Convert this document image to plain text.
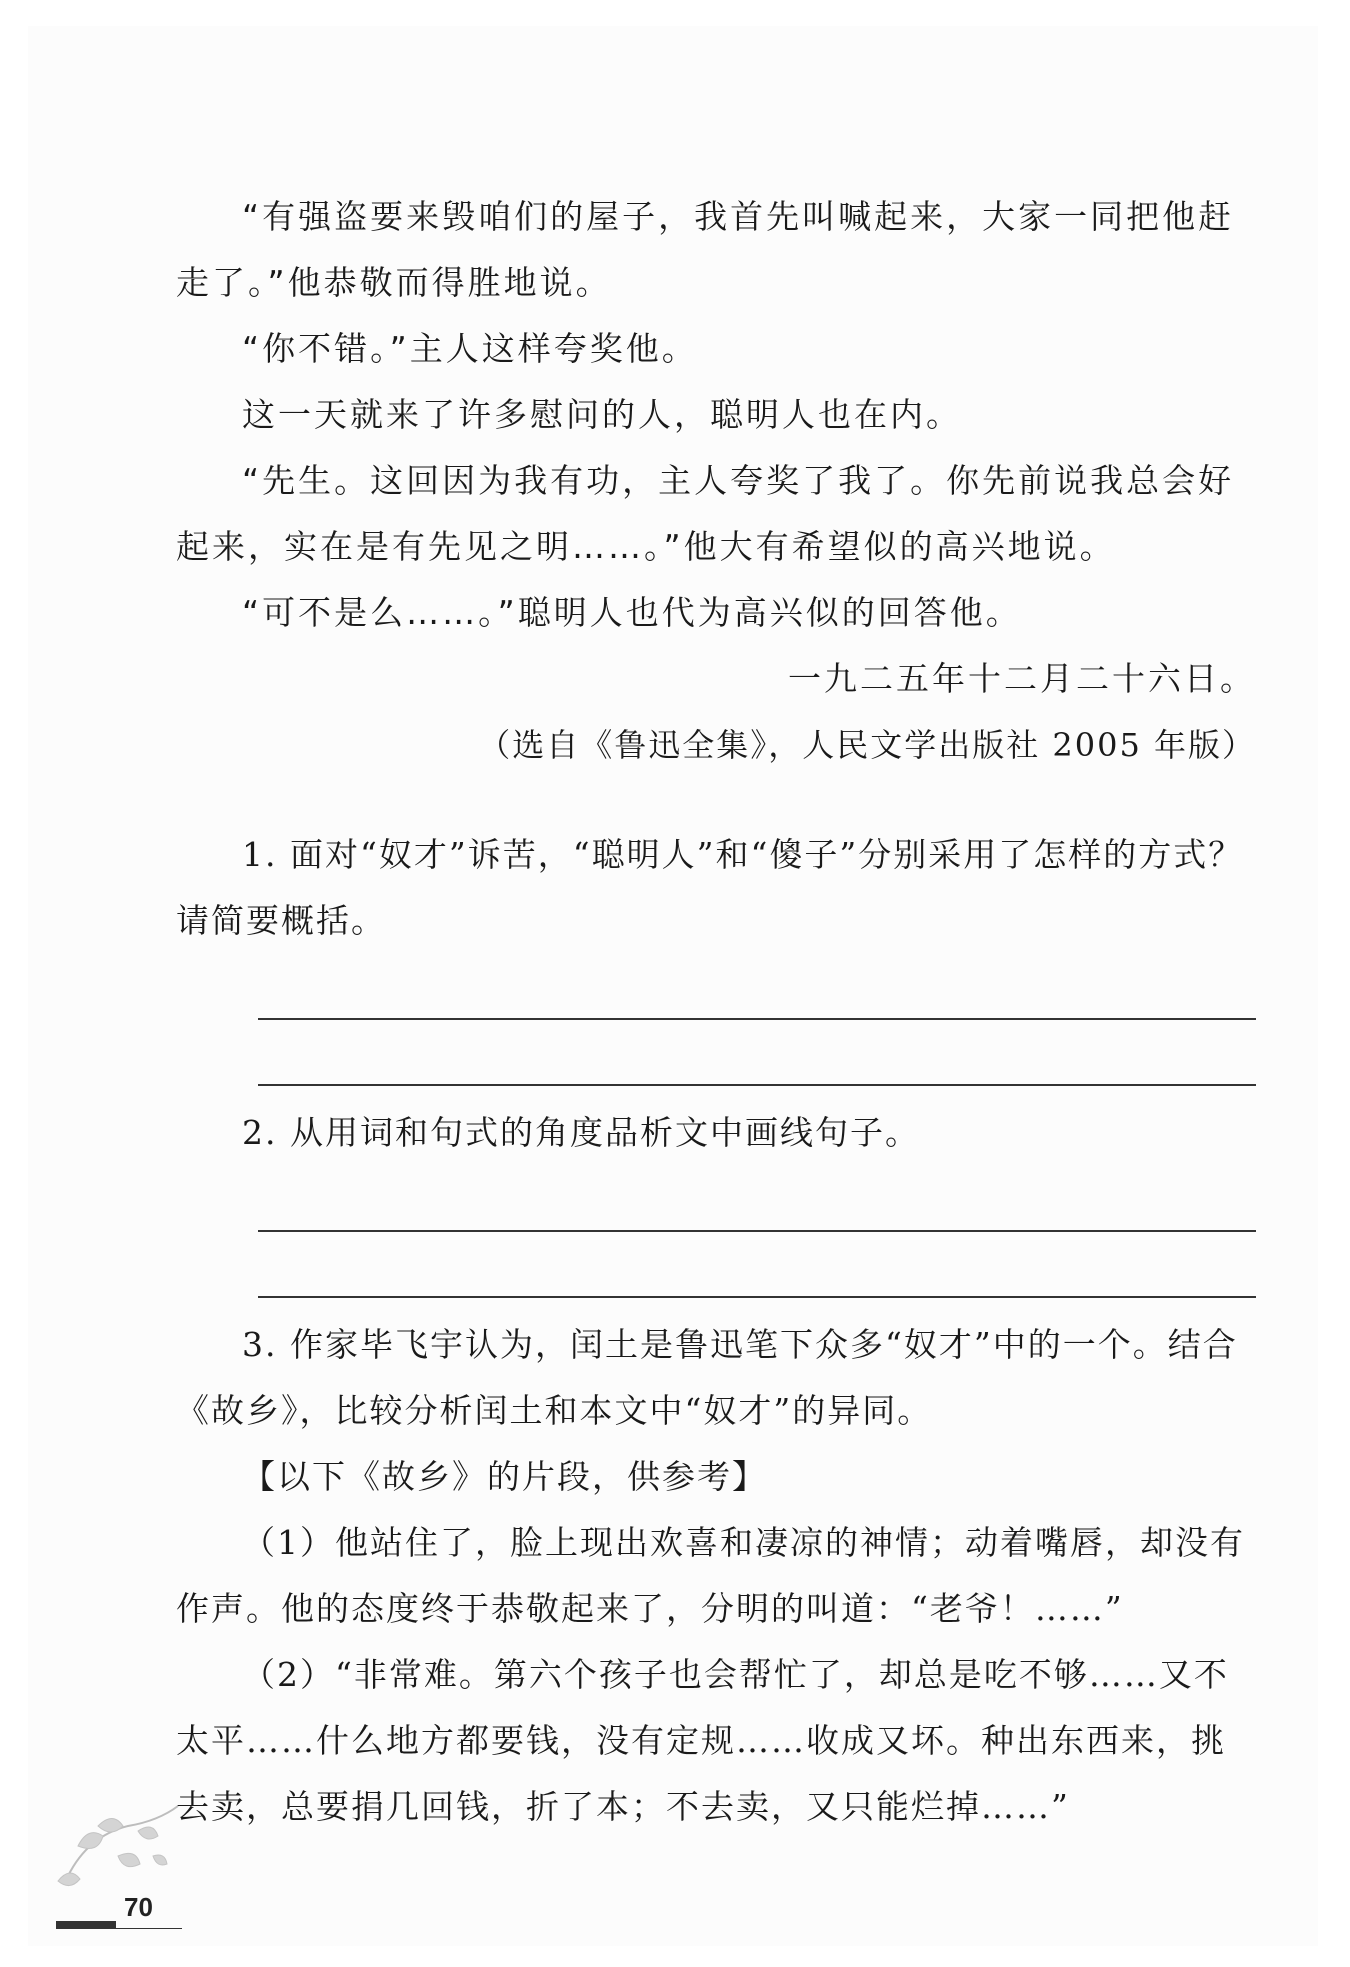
“有强盗要来毁咱们的屋子，我首先叫喊起来，大家一同把他赶走了。”他恭敬而得胜地说。

“你不错。”主人这样夸奖他。

这一天就来了许多慰问的人，聪明人也在内。

“先生。这回因为我有功，主人夸奖了我了。你先前说我总会好起来，实在是有先见之明……。”他大有希望似的高兴地说。

“可不是么……。”聪明人也代为高兴似的回答他。

一九二五年十二月二十六日。

（选自《鲁迅全集》，人民文学出版社 2005 年版）

1. 面对“奴才”诉苦，“聪明人”和“傻子”分别采用了怎样的方式？请简要概括。

2. 从用词和句式的角度品析文中画线句子。

3. 作家毕飞宇认为，闰土是鲁迅笔下众多“奴才”中的一个。结合《故乡》，比较分析闰土和本文中“奴才”的异同。

【以下《故乡》的片段，供参考】

（1）他站住了，脸上现出欢喜和凄凉的神情；动着嘴唇，却没有作声。他的态度终于恭敬起来了，分明的叫道：“老爷！……”

（2）“非常难。第六个孩子也会帮忙了，却总是吃不够……又不太平……什么地方都要钱，没有定规……收成又坏。种出东西来，挑去卖，总要捐几回钱，折了本；不去卖，又只能烂掉……”

70
